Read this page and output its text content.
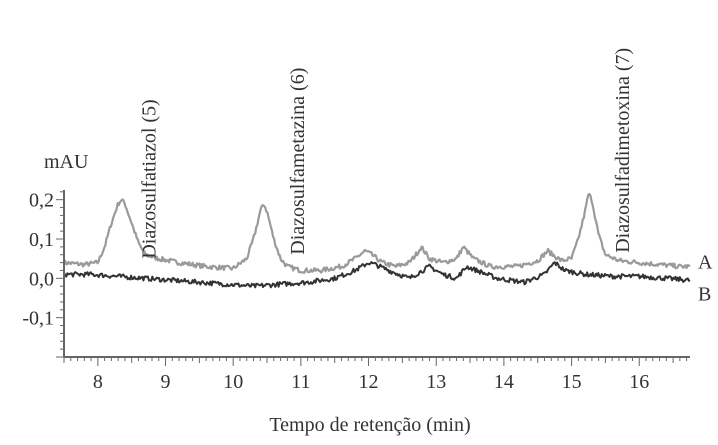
mAU
Tempo de retenção (min)
A
B
8	9	10 11 12 13 14 15 16
0,2
0,1
0,0
-0,1
Diazosulfatiazol (5)	Diazosulfametazina (6)	Diazosulfadimetoxina (7)
